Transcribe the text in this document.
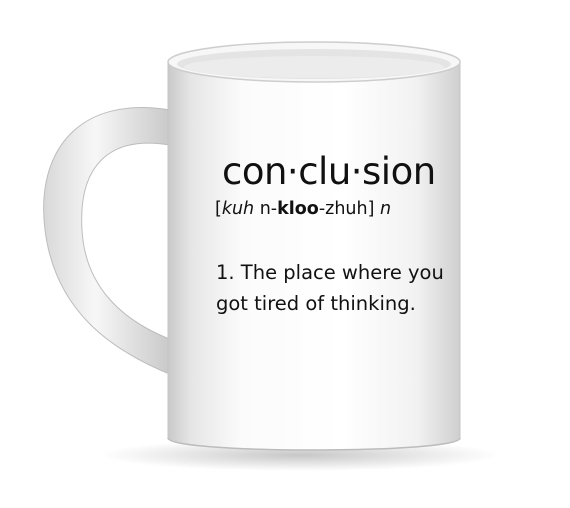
con·clu·sion
[kuh n-kloo-zhuh] n
1. The place where you
got tired of thinking.
